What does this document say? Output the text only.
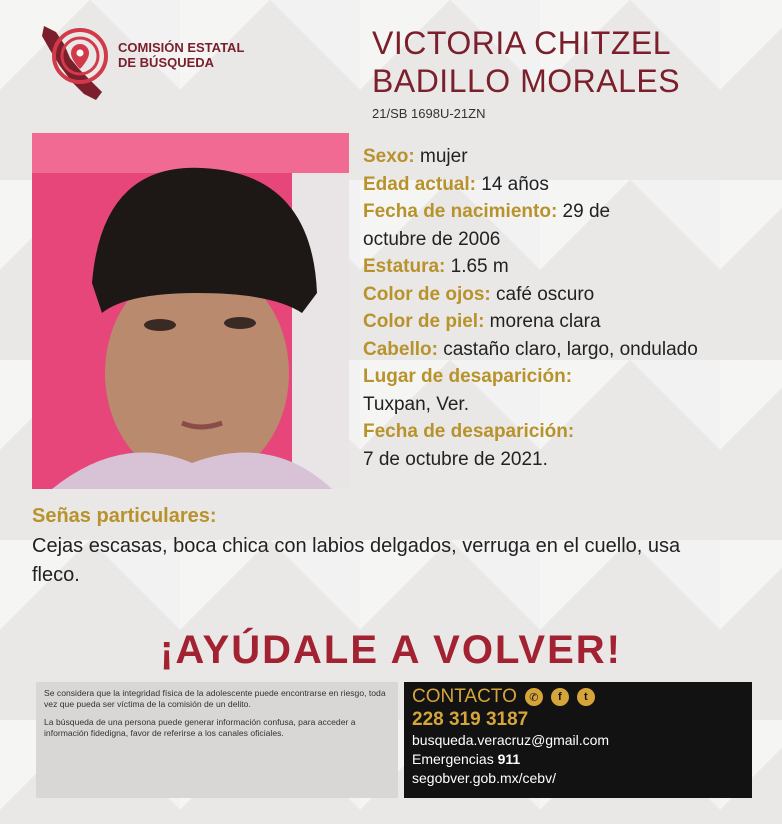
COMISIÓN ESTATAL
DE BÚSQUEDA
VICTORIA CHITZEL
BADILLO MORALES
21/SB 1698U-21ZN
Sexo: mujer
Edad actual: 14 años
Fecha de nacimiento: 29 de
octubre de 2006
Estatura: 1.65 m
Color de ojos: café oscuro
Color de piel: morena clara
Cabello: castaño claro, largo, ondulado
Lugar de desaparición:
Tuxpan, Ver.
Fecha de desaparición:
7 de octubre de 2021.
Señas particulares:
Cejas escasas, boca chica con labios delgados, verruga en el cuello, usa fleco.
¡AYÚDALE A VOLVER!

Se considera que la integridad física de la adolescente puede encontrarse en riesgo, toda vez que pueda ser víctima de la comisión de un delito.

La búsqueda de una persona puede generar información confusa, para acceder a información fidedigna, favor de referirse a los canales oficiales.

CONTACTO	✆	f	t
228 319 3187
busqueda.veracruz@gmail.com
Emergencias 911
segobver.gob.mx/cebv/
